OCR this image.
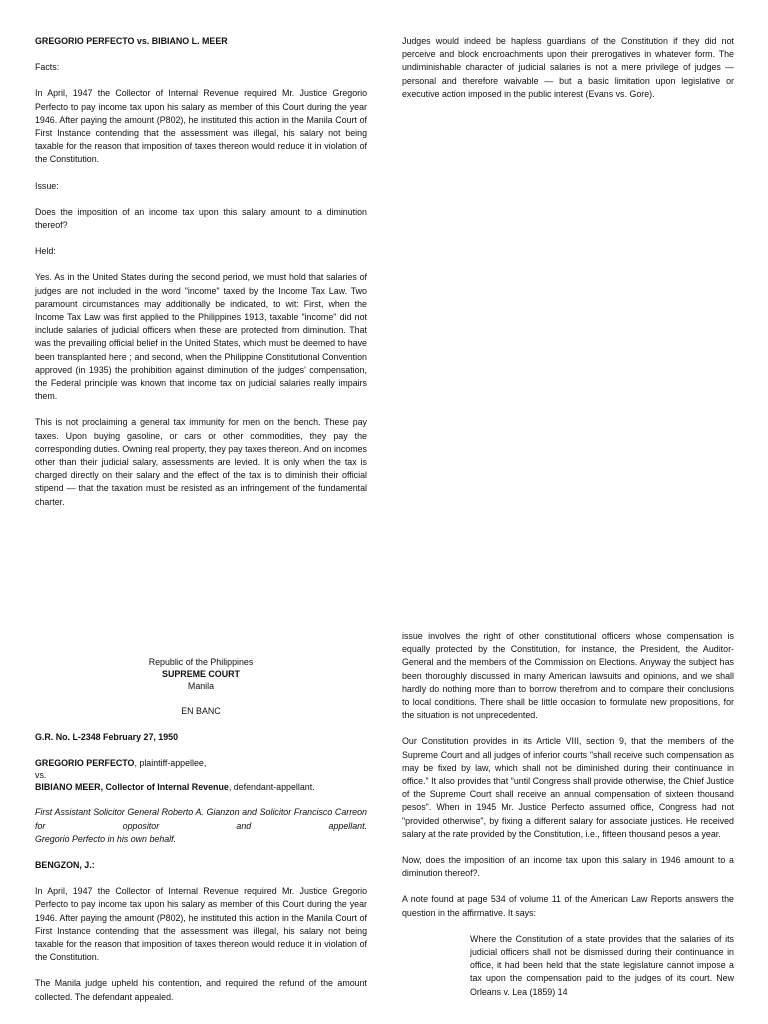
GREGORIO PERFECTO vs. BIBIANO L. MEER

Facts:

In April, 1947 the Collector of Internal Revenue required Mr. Justice Gregorio Perfecto to pay income tax upon his salary as member of this Court during the year 1946. After paying the amount (P802), he instituted this action in the Manila Court of First Instance contending that the assessment was illegal, his salary not being taxable for the reason that imposition of taxes thereon would reduce it in violation of the Constitution.

Issue:

Does the imposition of an income tax upon this salary amount to a diminution thereof?

Held:

Yes. As in the United States during the second period, we must hold that salaries of judges are not included in the word "income" taxed by the Income Tax Law. Two paramount circumstances may additionally be indicated, to wit: First, when the Income Tax Law was first applied to the Philippines 1913, taxable "income" did not include salaries of judicial officers when these are protected from diminution. That was the prevailing official belief in the United States, which must be deemed to have been transplanted here ; and second, when the Philippine Constitutional Convention approved (in 1935) the prohibition against diminution of the judges' compensation, the Federal principle was known that income tax on judicial salaries really impairs them.

This is not proclaiming a general tax immunity for men on the bench. These pay taxes. Upon buying gasoline, or cars or other commodities, they pay the corresponding duties. Owning real property, they pay taxes thereon. And on incomes other than their judicial salary, assessments are levied. It is only when the tax is charged directly on their salary and the effect of the tax is to diminish their official stipend — that the taxation must be resisted as an infringement of the fundamental charter.

Judges would indeed be hapless guardians of the Constitution if they did not perceive and block encroachments upon their prerogatives in whatever form. The undiminishable character of judicial salaries is not a mere privilege of judges — personal and therefore waivable — but a basic limitation upon legislative or executive action imposed in the public interest (Evans vs. Gore).

Republic of the Philippines
SUPREME COURT
Manila

EN BANC

G.R. No. L-2348 February 27, 1950

GREGORIO PERFECTO, plaintiff-appellee,
vs.
BIBIANO MEER, Collector of Internal Revenue, defendant-appellant.

First Assistant Solicitor General Roberto A. Gianzon and Solicitor Francisco Carreon for oppositor and appellant.
Gregorio Perfecto in his own behalf.

BENGZON, J.:

In April, 1947 the Collector of Internal Revenue required Mr. Justice Gregorio Perfecto to pay income tax upon his salary as member of this Court during the year 1946. After paying the amount (P802), he instituted this action in the Manila Court of First Instance contending that the assessment was illegal, his salary not being taxable for the reason that imposition of taxes thereon would reduce it in violation of the Constitution.

The Manila judge upheld his contention, and required the refund of the amount collected. The defendant appealed.

issue involves the right of other constitutional officers whose compensation is equally protected by the Constitution, for instance, the President, the Auditor-General and the members of the Commission on Elections. Anyway the subject has been thoroughly discussed in many American lawsuits and opinions, and we shall hardly do nothing more than to borrow therefrom and to compare their conclusions to local conditions. There shall be little occasion to formulate new propositions, for the situation is not unprecedented.

Our Constitution provides in its Article VIII, section 9, that the members of the Supreme Court and all judges of inferior courts "shall receive such compensation as may be fixed by law, which shall not be diminished during their continuance in office." It also provides that "until Congress shall provide otherwise, the Chief Justice of the Supreme Court shall receive an annual compensation of sixteen thousand pesos". When in 1945 Mr. Justice Perfecto assumed office, Congress had not "provided otherwise", by fixing a different salary for associate justices. He received salary at the rate provided by the Constitution, i.e., fifteen thousand pesos a year.

Now, does the imposition of an income tax upon this salary in 1946 amount to a diminution thereof?.

A note found at page 534 of volume 11 of the American Law Reports answers the question in the affirmative. It says:

Where the Constitution of a state provides that the salaries of its judicial officers shall not be dismissed during their continuance in office, it had been held that the state legislature cannot impose a tax upon the compensation paid to the judges of its court. New Orleans v. Lea (1859) 14
